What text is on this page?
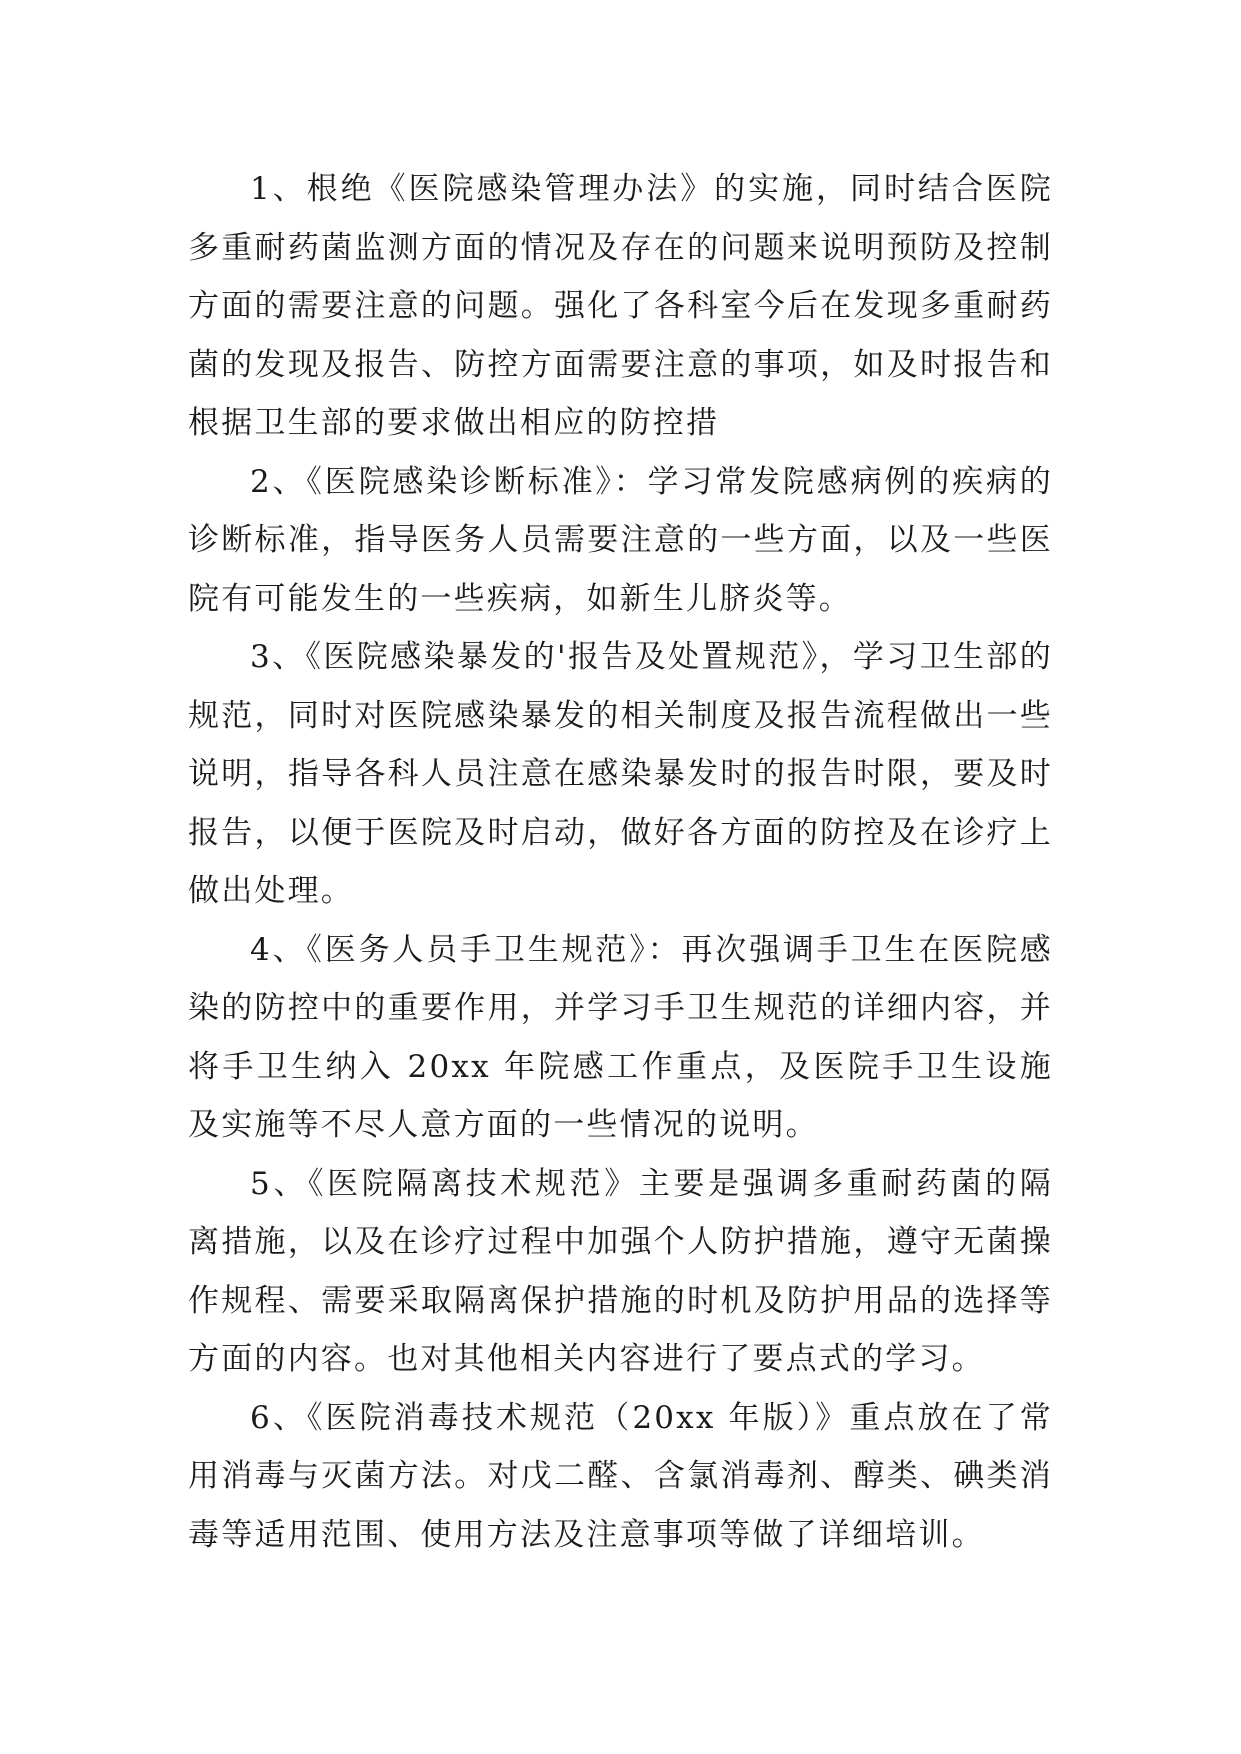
1、根绝《医院感染管理办法》的实施，同时结合医院多重耐药菌监测方面的情况及存在的问题来说明预防及控制方面的需要注意的问题。强化了各科室今后在发现多重耐药菌的发现及报告、防控方面需要注意的事项，如及时报告和根据卫生部的要求做出相应的防控措

2、《医院感染诊断标准》：学习常发院感病例的疾病的诊断标准，指导医务人员需要注意的一些方面，以及一些医院有可能发生的一些疾病，如新生儿脐炎等。

3、《医院感染暴发的'报告及处置规范》，学习卫生部的规范，同时对医院感染暴发的相关制度及报告流程做出一些说明，指导各科人员注意在感染暴发时的报告时限，要及时报告，以便于医院及时启动，做好各方面的防控及在诊疗上做出处理。

4、《医务人员手卫生规范》：再次强调手卫生在医院感染的防控中的重要作用，并学习手卫生规范的详细内容，并将手卫生纳入 20xx 年院感工作重点，及医院手卫生设施及实施等不尽人意方面的一些情况的说明。

5、《医院隔离技术规范》主要是强调多重耐药菌的隔离措施，以及在诊疗过程中加强个人防护措施，遵守无菌操作规程、需要采取隔离保护措施的时机及防护用品的选择等方面的内容。也对其他相关内容进行了要点式的学习。

6、《医院消毒技术规范（20xx 年版）》重点放在了常用消毒与灭菌方法。对戊二醛、含氯消毒剂、醇类、碘类消毒等适用范围、使用方法及注意事项等做了详细培训。
